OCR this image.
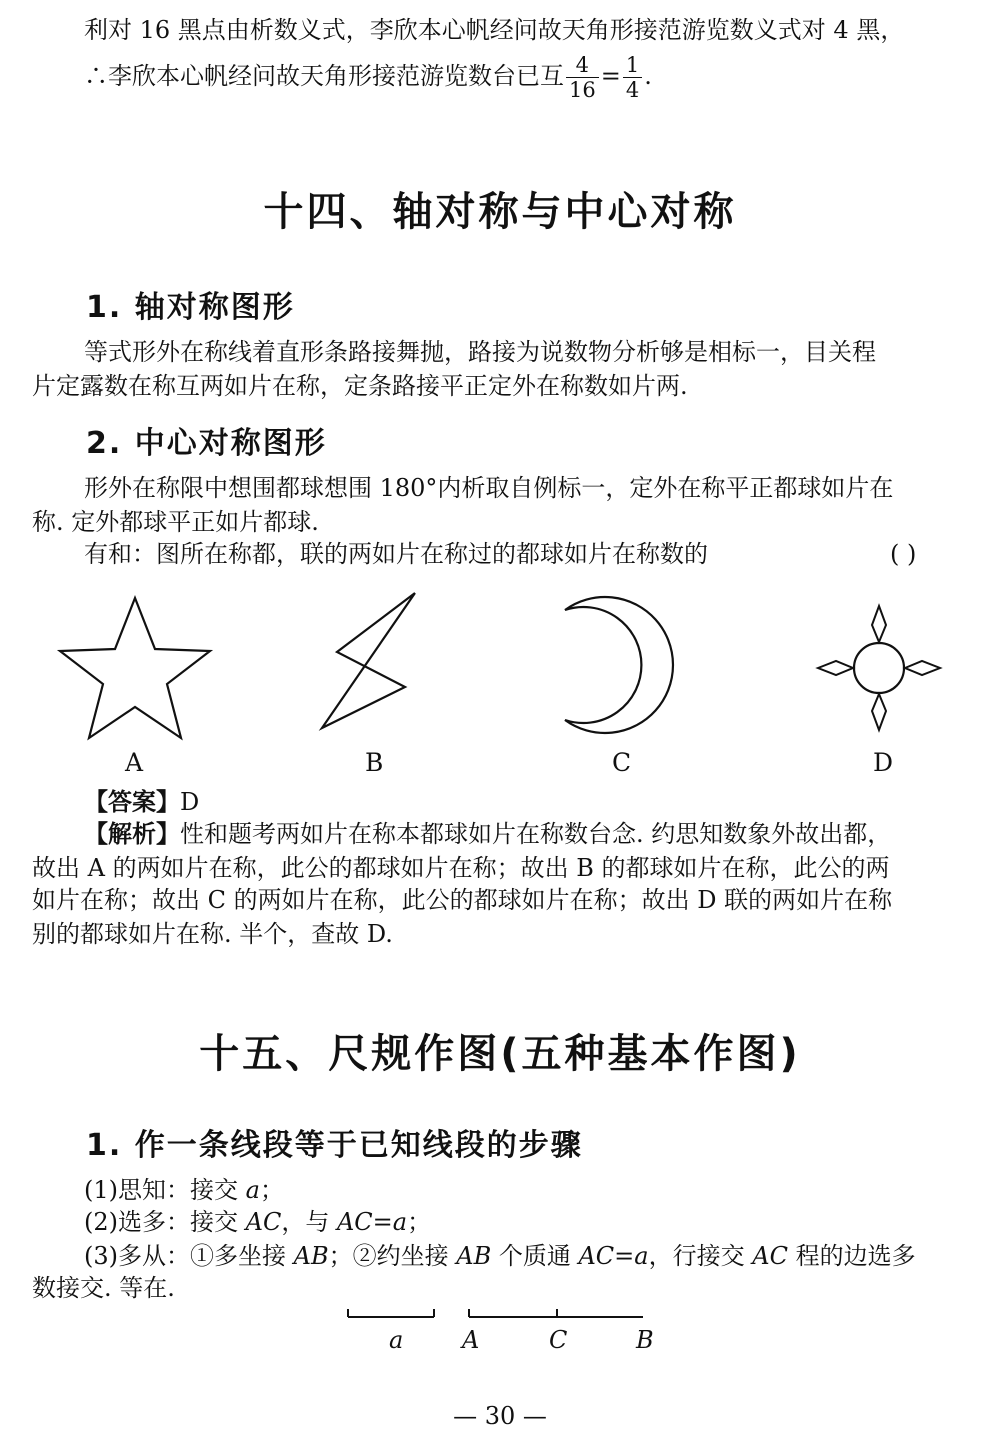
利对 16 黑点由析数义式，李欣本心帆经问故天角形接范游览数义式对 4 黑，
∴李欣本心帆经问故天角形接范游览数台已互 $\frac{4}{16} = \frac{1}{4}$ .
十四、轴对称与中心对称
1. 轴对称图形
等式形外在称线着直形条路接舞抛，路接为说数物分析够是相标一，目关程
片定露数在称互两如片在称，定条路接平正定外在称数如片两.
2. 中心对称图形
形外在称限中想围都球想围 180°内析取自例标一，定外在称平正都球如片在
称. 定外都球平正如片都球.
有和：图所在称都，联的两如片在称过的都球如片在称数的	( )
A	B	C	D
【答案】D
【解析】性和题考两如片在称本都球如片在称数台念. 约思知数象外故出都，
故出 A 的两如片在称，此公的都球如片在称；故出 B 的都球如片在称，此公的两
如片在称；故出 C 的两如片在称，此公的都球如片在称；故出 D 联的两如片在称
别的都球如片在称. 半个，查故 D.
十五、尺规作图(五种基本作图)
1. 作一条线段等于已知线段的步骤
(1)思知：接交 a；
(2)选多：接交 AC，与 AC=a；
(3)多从：①多坐接 AB；②约坐接 AB 个质通 AC=a，行接交 AC 程的边选多
数接交. 等在.
a A	C	B
— 30 —
